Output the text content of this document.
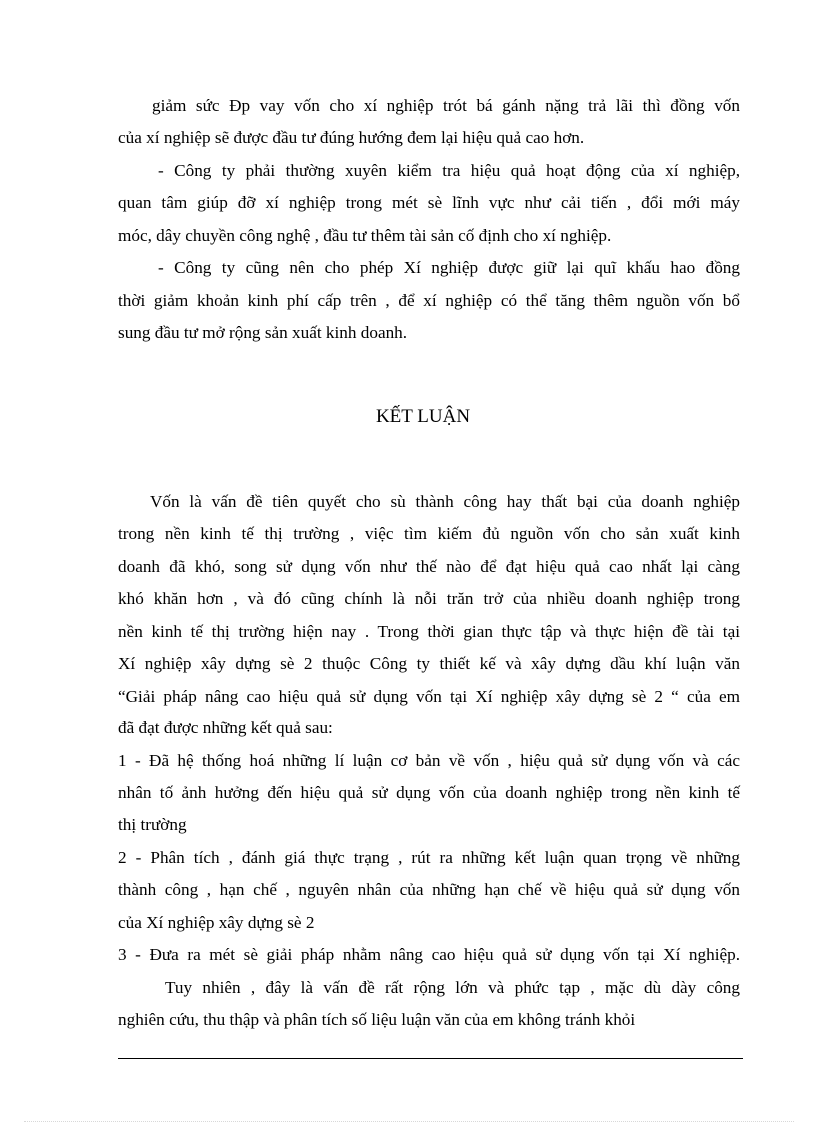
giảm sức Đp vay vốn cho xí nghiệp trót bá gánh nặng trả lãi thì đồng vốn
của xí nghiệp sẽ được đầu tư đúng hướng đem lại hiệu quả cao hơn.
- Công ty phải thường xuyên kiểm tra hiệu quả hoạt động của xí nghiệp,
quan tâm giúp đỡ xí nghiệp trong mét sè lĩnh vực như cải tiến , đổi mới máy
móc, dây chuyền công nghệ , đầu tư thêm tài sản cố định cho xí nghiệp.
- Công ty cũng nên cho phép Xí nghiệp được giữ lại quĩ khấu hao đồng
thời giảm khoản kinh phí cấp trên , để xí nghiệp có thể tăng thêm nguồn vốn bổ
sung đầu tư mở rộng sản xuất kinh doanh.
KẾT LUẬN
Vốn là vấn đề tiên quyết cho sù thành công hay thất bại của doanh nghiệp
trong nền kinh tế thị trường , việc tìm kiếm đủ nguồn vốn cho sản xuất kinh
doanh đã khó, song sử dụng vốn như thế nào để đạt hiệu quả cao nhất lại càng
khó khăn hơn , và đó cũng chính là nỗi trăn trở của nhiều doanh nghiệp trong
nền kinh tế thị trường hiện nay . Trong thời gian thực tập và thực hiện đề tài tại
Xí nghiệp xây dựng sè 2 thuộc Công ty thiết kế và xây dựng dầu khí luận văn
“Giải pháp nâng cao hiệu quả sử dụng vốn tại Xí nghiệp xây dựng sè 2 “ của em
đã đạt được những kết quả sau:
1 - Đã hệ thống hoá những lí luận cơ bản về vốn , hiệu quả sử dụng vốn và các
nhân tố ảnh hưởng đến hiệu quả sử dụng vốn của doanh nghiệp trong nền kinh tế
thị trường
2 - Phân tích , đánh giá thực trạng , rút ra những kết luận quan trọng về những
thành công , hạn chế , nguyên nhân của những hạn chế về hiệu quả sử dụng vốn
của Xí nghiệp xây dựng sè 2
3 - Đưa ra mét sè giải pháp nhằm nâng cao hiệu quả sử dụng vốn tại Xí nghiệp.
Tuy nhiên , đây là vấn đề rất rộng lớn và phức tạp , mặc dù dày công
nghiên cứu, thu thập và phân tích số liệu luận văn của em không tránh khỏi
